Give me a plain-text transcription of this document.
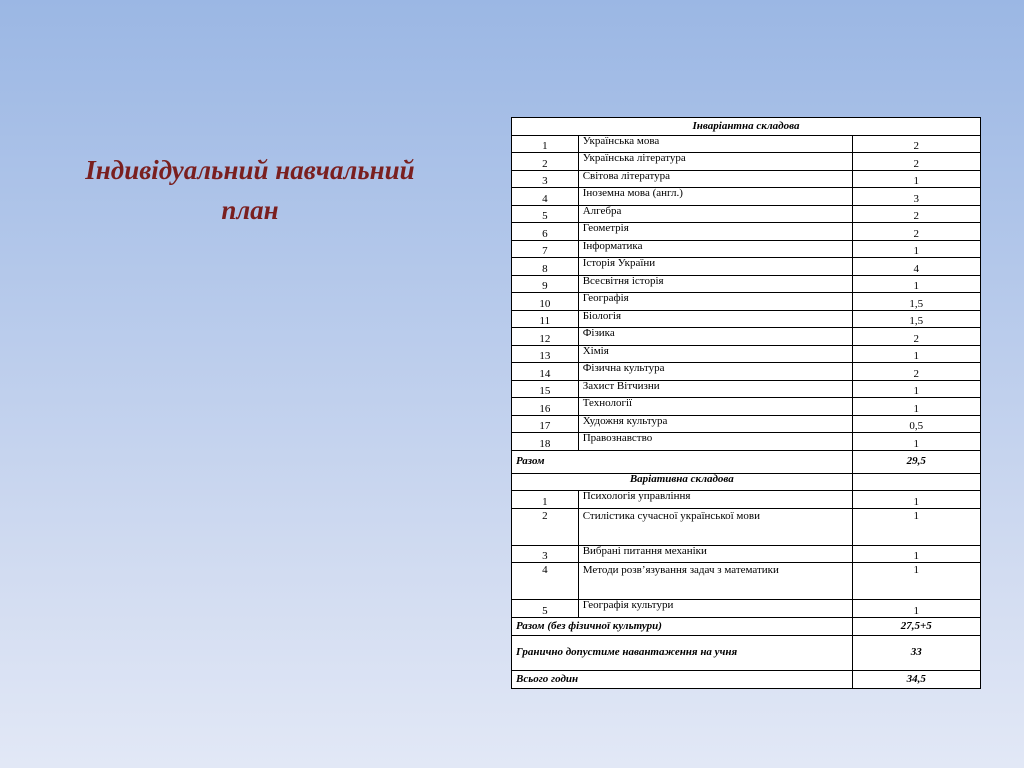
Індивідуальний навчальний
план
Інваріантна складова		
1	Українська мова	2
2	Українська література	2
3	Світова література	1
4	Іноземна мова (англ.)	3
5	Алгебра	2
6	Геометрія	2
7	Інформатика	1
8	Історія України	4
9	Всесвітня історія	1
10	Географія	1,5
11	Біологія	1,5
12	Фізика	2
13	Хімія	1
14	Фізична культура	2
15	Захист Вітчизни	1
16	Технології	1
17	Художня культура	0,5
18	Правознавство	1
Разом		29,5
Варіативна складова		
1	Психологія управління	1
2	Стилістика сучасної української мови	1
3	Вибрані питання механіки	1
4	Методи розв’язування задач з математики	1
5	Географія культури	1
Разом (без фізичної культури)		27,5+5
Гранично допустиме навантаження на учня		33
Всього годин		34,5
